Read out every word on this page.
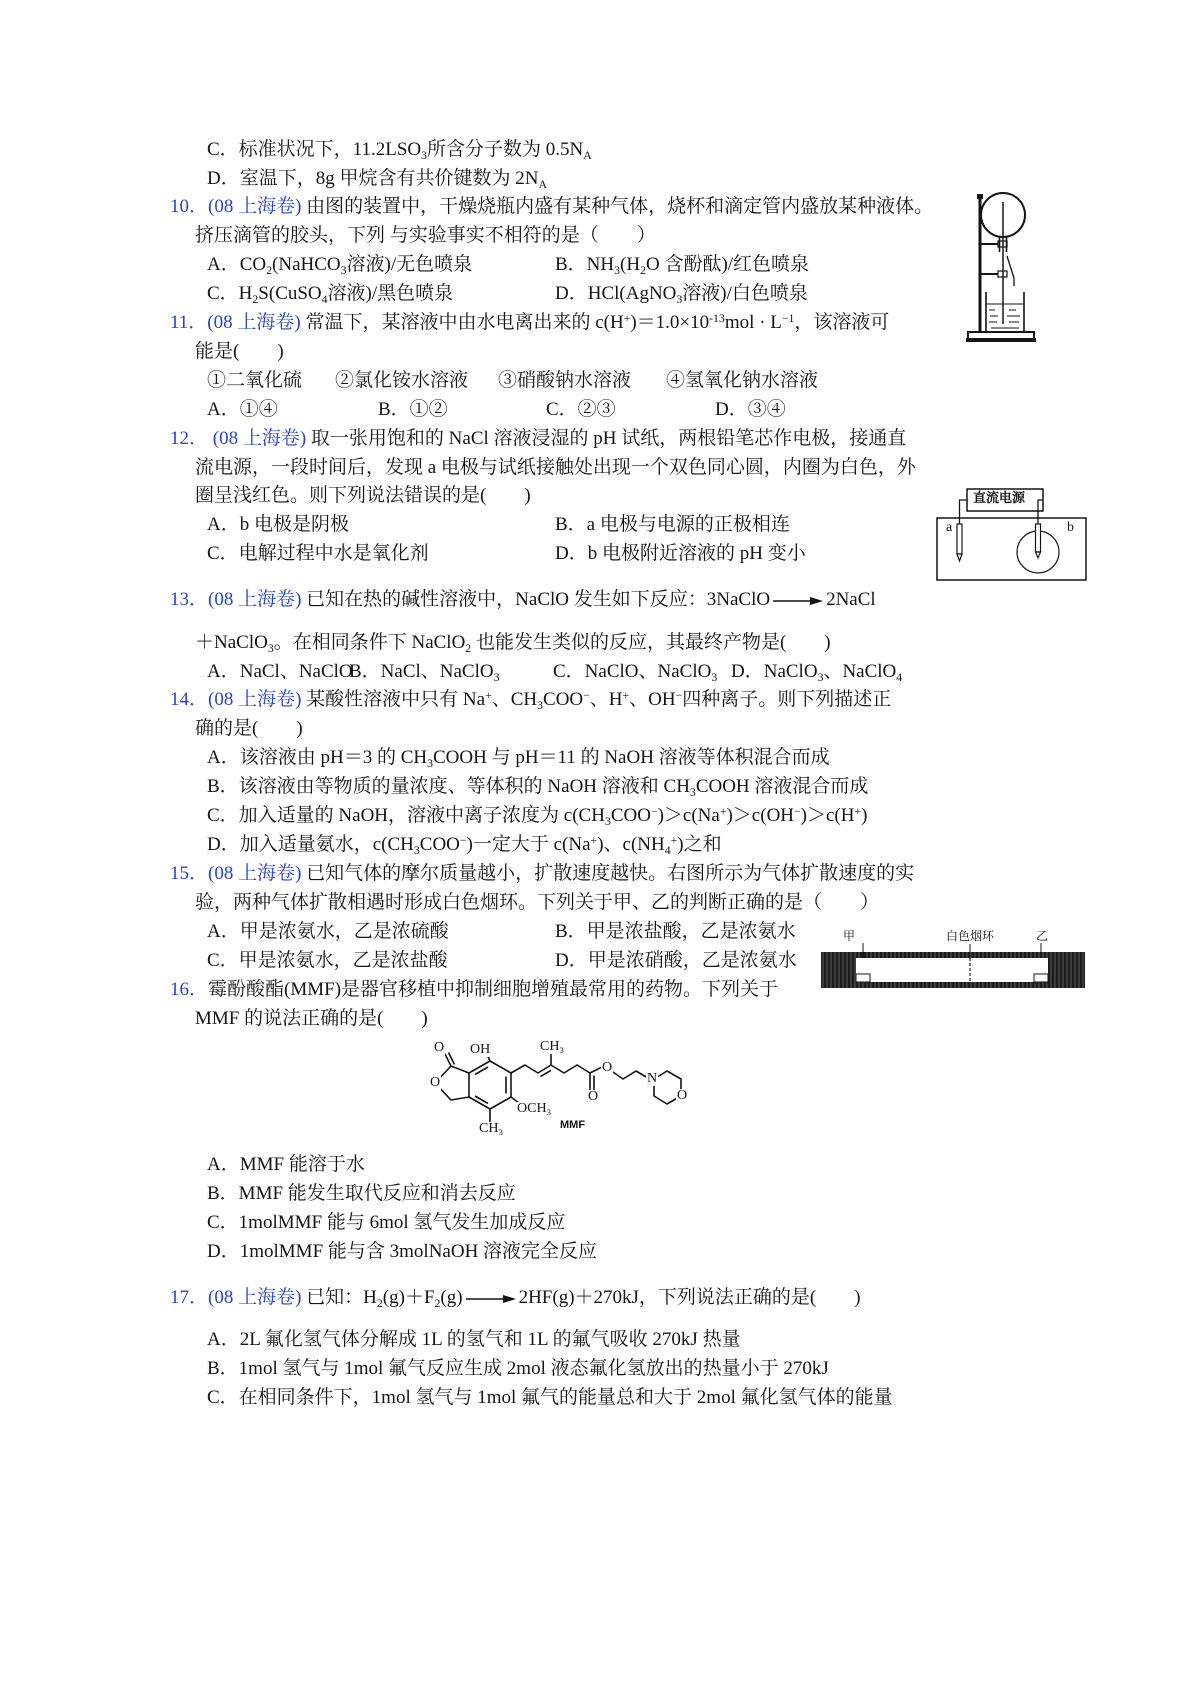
C．标准状况下，$11.2LSO_3$所含分子数为 $0.5N_A$
D．室温下，8g 甲烷含有共价键数为 $2N_A$
10．(08 上海卷) 由图的装置中，干燥烧瓶内盛有某种气体，烧杯和滴定管内盛放某种液体。
挤压滴管的胶头，下列 与实验事实不相符的是（　　）
A．$CO_2(NaHCO_3$溶液)/无色喷泉	B．$NH_3(H_2O$ 含酚酞)/红色喷泉
C．$H_2S(CuSO_4$溶液)/黑色喷泉	D．HCl(AgNO$_3$溶液)/白色喷泉
11．(08 上海卷) 常温下，某溶液中由水电离出来的 $c(H^+)=1.0\times 10^{-13}mol \cdot L^{-1}$，该溶液可
能是(　　)
①二氧化硫 ②氯化铵水溶液 ③硝酸钠水溶液 ④氢氧化钠水溶液
A．①④	B．①②	C．②③	D．③④
12． (08 上海卷) 取一张用饱和的 NaCl 溶液浸湿的 pH 试纸，两根铅笔芯作电极，接通直
流电源，一段时间后，发现 a 电极与试纸接触处出现一个双色同心圆，内圈为白色，外
圈呈浅红色。则下列说法错误的是(　　)
A．b 电极是阴极	B．a 电极与电源的正极相连
C．电解过程中水是氧化剂	D．b 电极附近溶液的 pH 变小
直流电源
a	b
13．(08 上海卷) 已知在热的碱性溶液中，NaClO 发生如下反应：3NaClO → 2NaCl
＋NaClO$_3$。在相同条件下 NaClO$_2$ 也能发生类似的反应，其最终产物是(　　)
A．NaCl、NaClO
B．NaCl、NaClO$_3$	C．NaClO、NaClO$_3$ D．NaClO$_3$、NaClO$_4$
14．(08 上海卷) 某酸性溶液中只有 Na+、$CH_3COO^-$、H+、OH−四种离子。则下列描述正
确的是(　　)
A．该溶液由 pH＝3 的 $CH_3COOH$ 与 pH＝11 的 NaOH 溶液等体积混合而成
B．该溶液由等物质的量浓度、等体积的 NaOH 溶液和 $CH_3COOH$ 溶液混合而成
C．加入适量的 NaOH，溶液中离子浓度为 $c(CH_3COO^-)>c(Na^+)>c(OH^-)>c(H^+)$
D．加入适量氨水，$c(CH_3COO^-)$一定大于 c(Na+)、$c(NH_4^+)$之和
15．(08 上海卷) 已知气体的摩尔质量越小，扩散速度越快。右图所示为气体扩散速度的实
验，两种气体扩散相遇时形成白色烟环。下列关于甲、乙的判断正确的是（　　）
A．甲是浓氨水，乙是浓硫酸	B．甲是浓盐酸，乙是浓氨水
C．甲是浓氨水，乙是浓盐酸	D．甲是浓硝酸，乙是浓氨水
甲	白色烟环	乙
16．霉酚酸酯(MMF)是器官移植中抑制细胞增殖最常用的药物。下列关于
MMF 的说法正确的是(　　)
O
O
OH	$CH_3$
O
O
N
O
$OCH_3$
$CH_3$
MMF
A．MMF 能溶于水
B．MMF 能发生取代反应和消去反应
C．1molMMF 能与 6mol 氢气发生加成反应
D．1molMMF 能与含 3molNaOH 溶液完全反应
17．(08 上海卷) 已知：$H_2(g)+F_2(g) \to 2HF(g)+270kJ$，下列说法正确的是(　　)
A．2L 氟化氢气体分解成 1L 的氢气和 1L 的氟气吸收 270kJ 热量
B．1mol 氢气与 1mol 氟气反应生成 2mol 液态氟化氢放出的热量小于 270kJ
C．在相同条件下，1mol 氢气与 1mol 氟气的能量总和大于 2mol 氟化氢气体的能量
